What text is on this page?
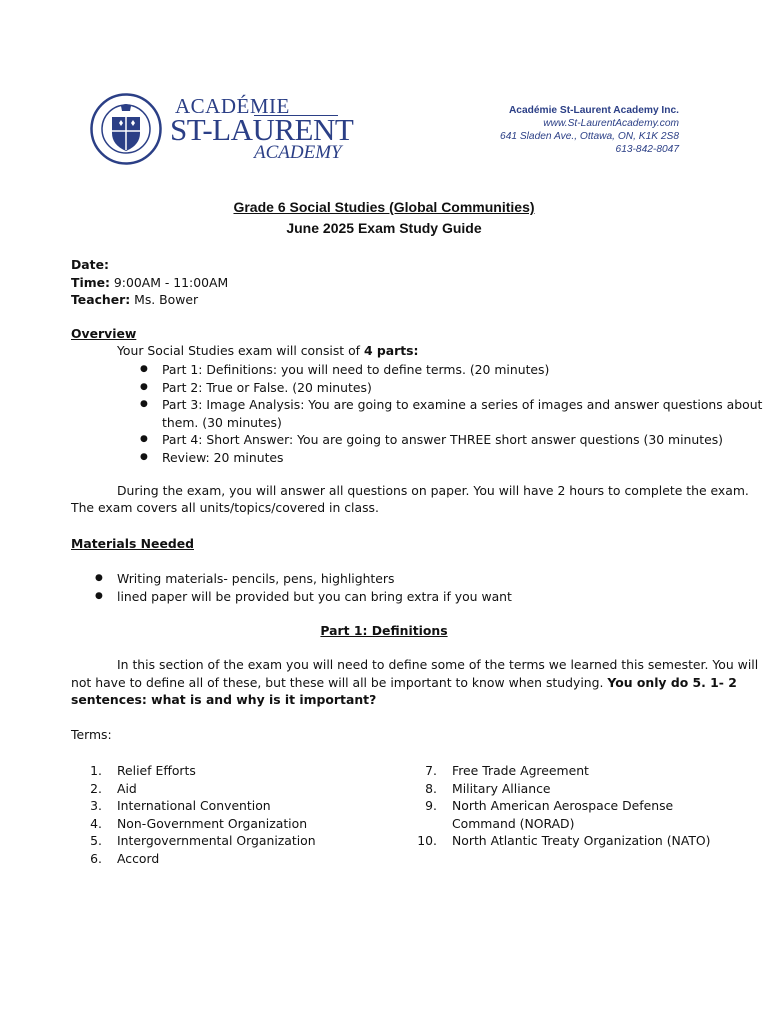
ACADÉMIE
ST-LAURENT
ACADEMY
Académie St-Laurent Academy Inc.
www.St-LaurentAcademy.com
641 Sladen Ave., Ottawa, ON, K1K 2S8
613-842-8047
Grade 6 Social Studies (Global Communities)
June 2025 Exam Study Guide
Date:
Time: 9:00AM - 11:00AM
Teacher: Ms. Bower
Overview
Your Social Studies exam will consist of 4 parts:
● Part 1: Definitions: you will need to define terms. (20 minutes)
● Part 2: True or False. (20 minutes)
● Part 3: Image Analysis: You are going to examine a series of images and answer questions about
them. (30 minutes)
● Part 4: Short Answer: You are going to answer THREE short answer questions (30 minutes)
● Review: 20 minutes
During the exam, you will answer all questions on paper. You will have 2 hours to complete the exam.
The exam covers all units/topics/covered in class.
Materials Needed
● Writing materials- pencils, pens, highlighters
● lined paper will be provided but you can bring extra if you want
Part 1: Definitions
In this section of the exam you will need to define some of the terms we learned this semester. You will
not have to define all of these, but these will all be important to know when studying. You only do 5. 1- 2
sentences: what is and why is it important?
Terms:
1. Relief Efforts
2. Aid
3. International Convention
4. Non-Government Organization
5. Intergovernmental Organization
6. Accord
7. Free Trade Agreement
8. Military Alliance
9. North American Aerospace Defense
Command (NORAD)
10. North Atlantic Treaty Organization (NATO)
